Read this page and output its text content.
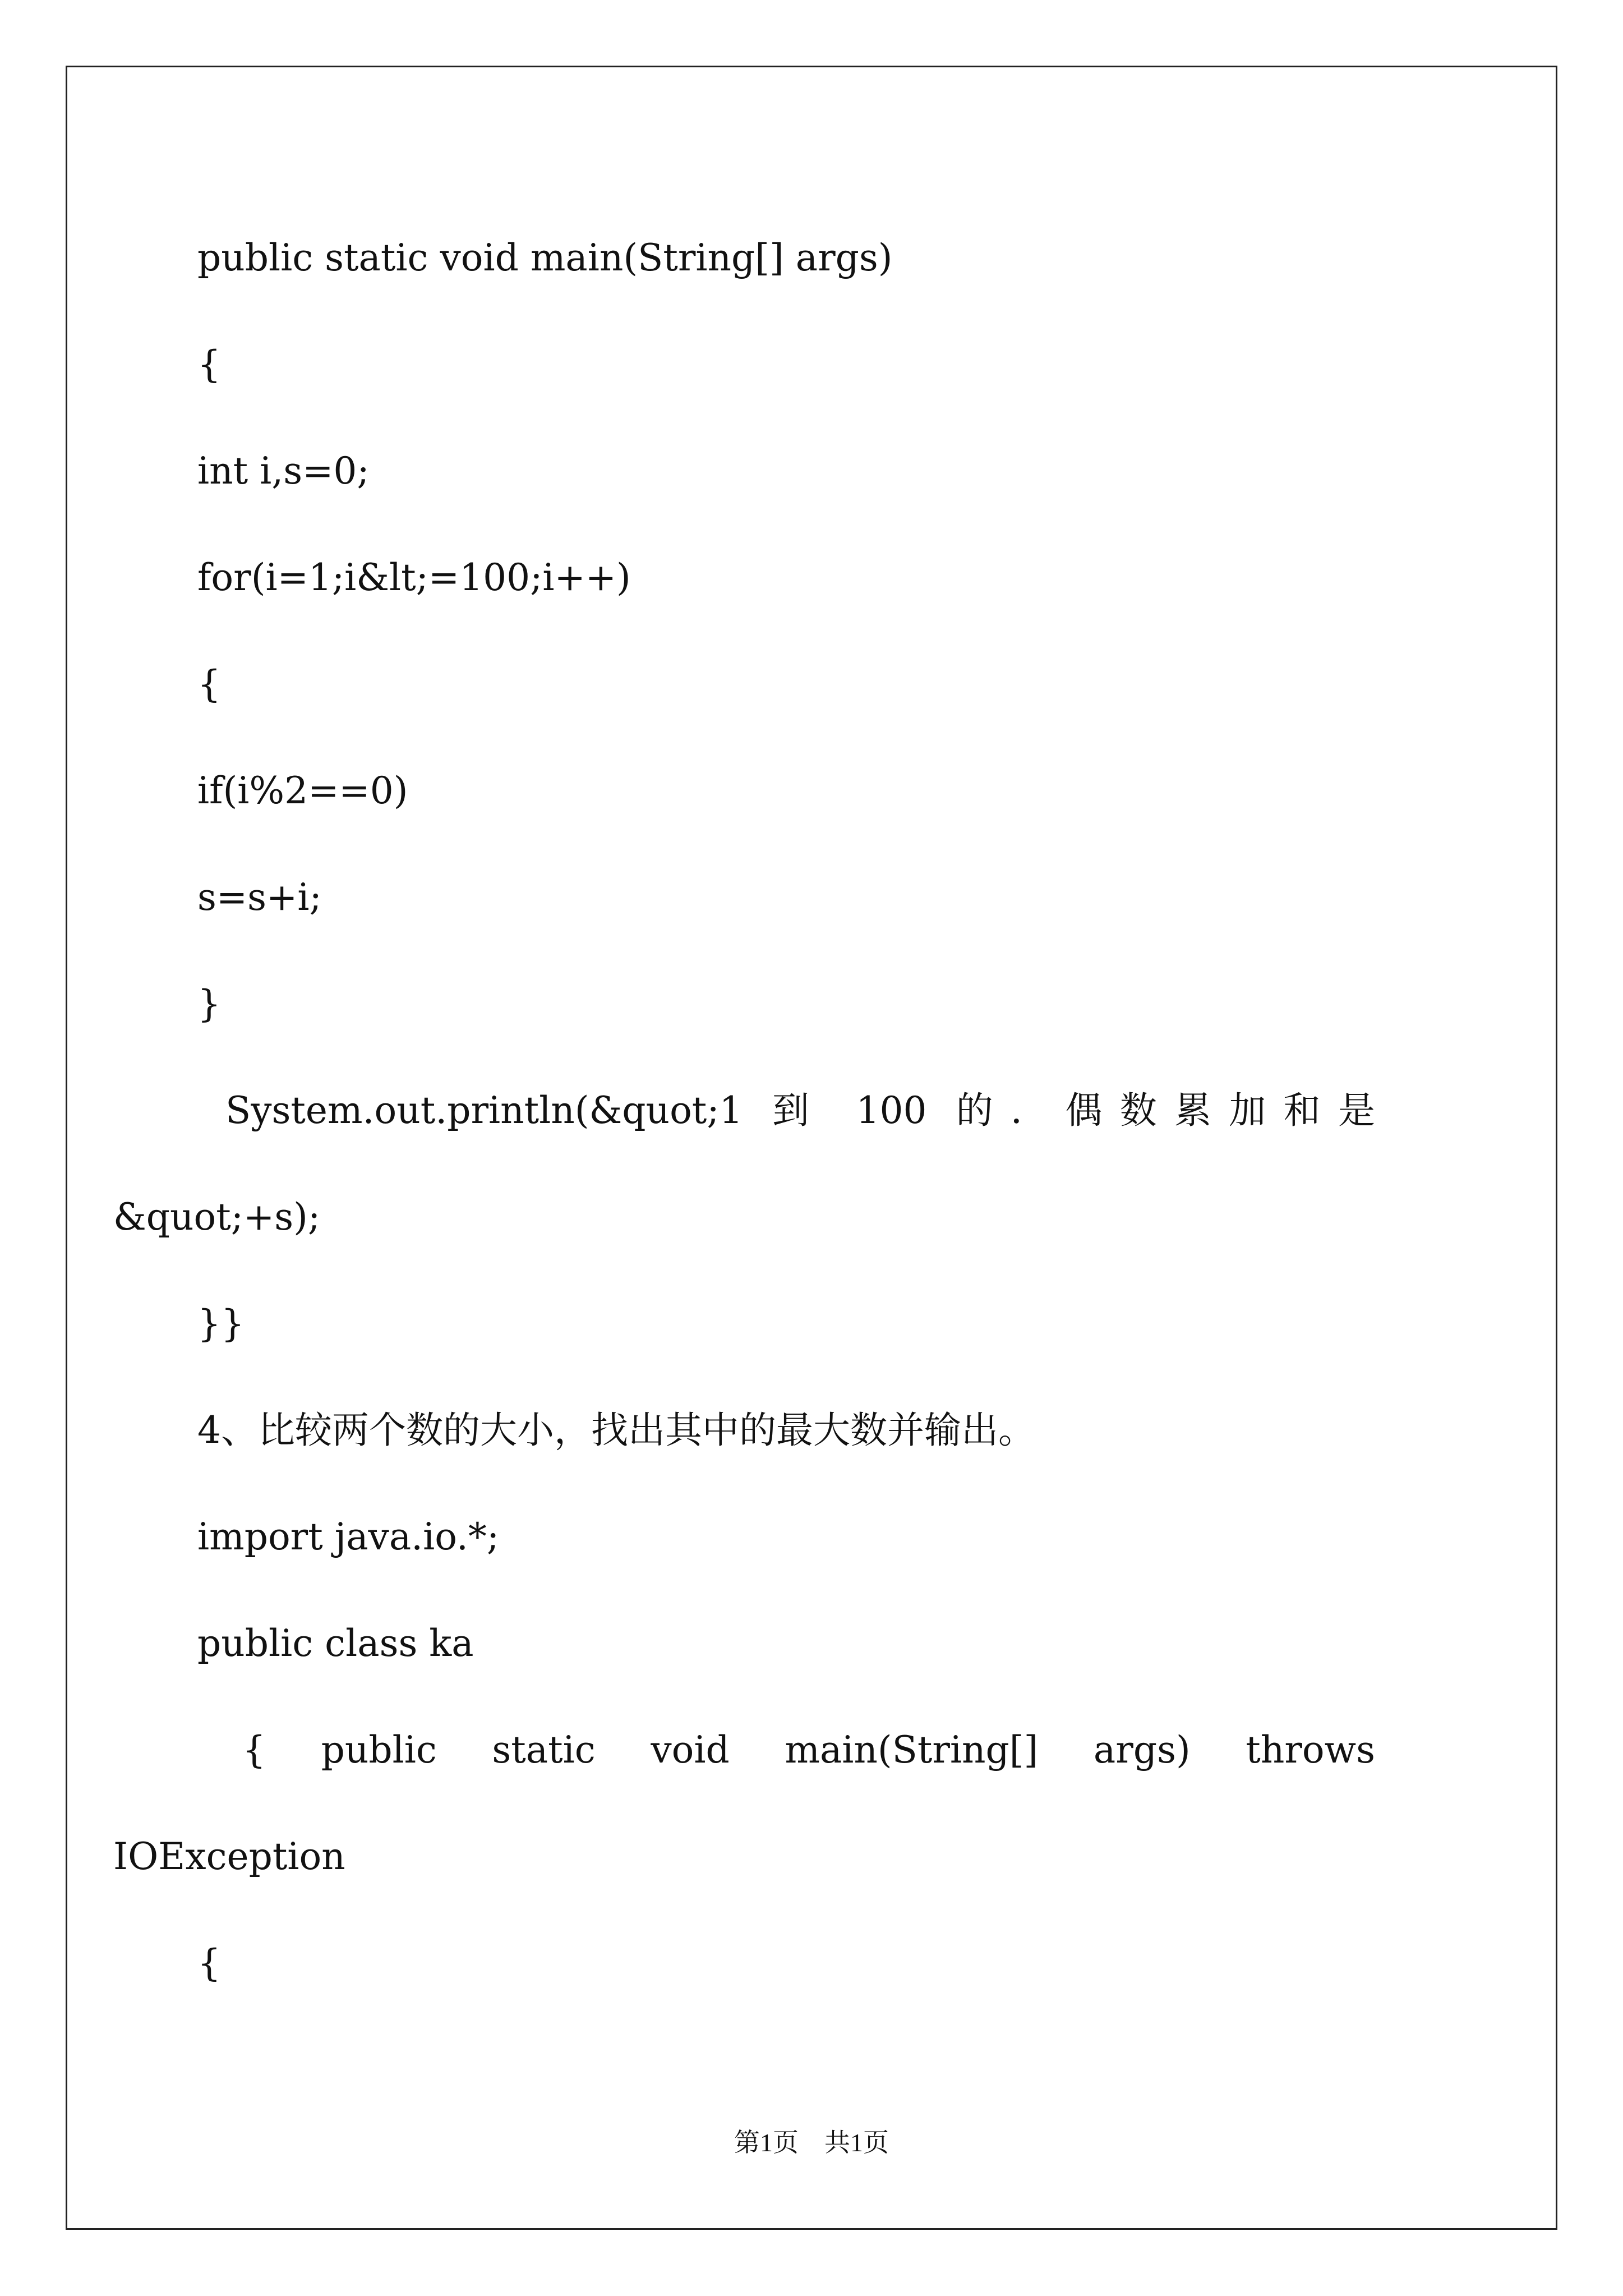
public static void main(String[] args)
{
int i,s=0;
for(i=1;i&lt;=100;i++)
{
if(i%2==0)
s=s+i;
}
System.out.println(&quot;1 到 100 的．偶数累加和是
&quot;+s);
}}
4、比较两个数的大小，找出其中的最大数并输出。
import java.io.*;
public class ka
{ public static void main(String[] args) throws
IOException
{
第1页　共1页
